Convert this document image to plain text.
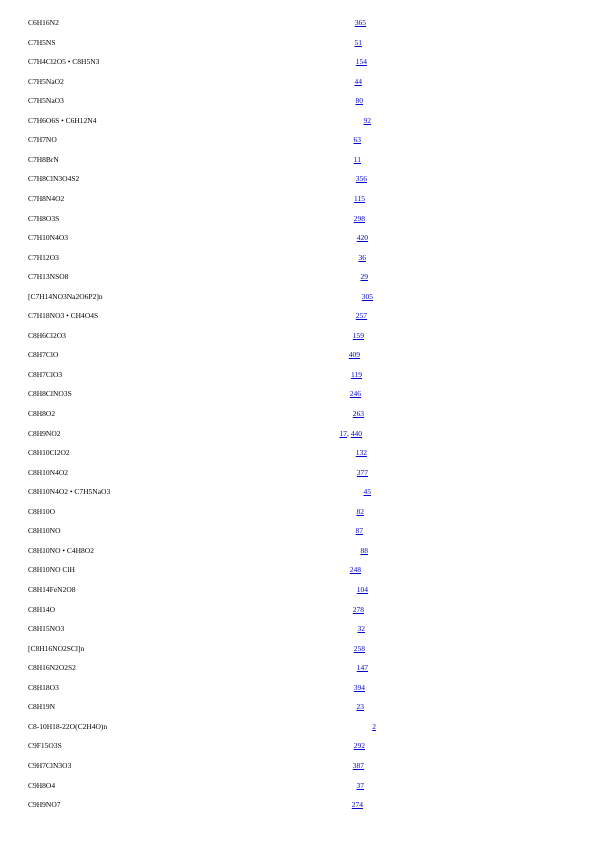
C6H16N2	365
C7H5NS	51
C7H4Cl2O5 • C8H5N3	154
C7H5NaO2	44
C7H5NaO3	80
C7H6O6S • C6H12N4	92
C7H7NO	63
C7H8BrN	11
C7H8ClN3O4S2	356
C7H8N4O2	115
C7H8O3S	298
C7H10N4O3	420
C7H12O3	36
C7H13NSO8	29
[C7H14NO3Na2O6P2]n	305
C7H18NO3 • CH4O4S	257
C8H6Cl2O3	159
C8H7ClO	409
C8H7ClO3	119
C8H8ClNO3S	246
C8H8O2	263
C8H9NO2	17, 440
C8H10Cl2O2	132
C8H10N4O2	377
C8H10N4O2 • C7H5NaO3	45
C8H10O	82
C8H10NO	87
C8H10NO • C4H8O2	88
C8H10NO ClH	248
C8H14FeN2O8	104
C8H14O	278
C8H15NO3	32
[C8H16NO2SCl]n	258
C8H16N2O2S2	147
C8H18O3	394
C8H19N	23
C8-10H18-22O(C2H4O)n	2
C9F15O3S	292
C9H7ClN3O3	387
C9H8O4	37
C9H9NO7	274
